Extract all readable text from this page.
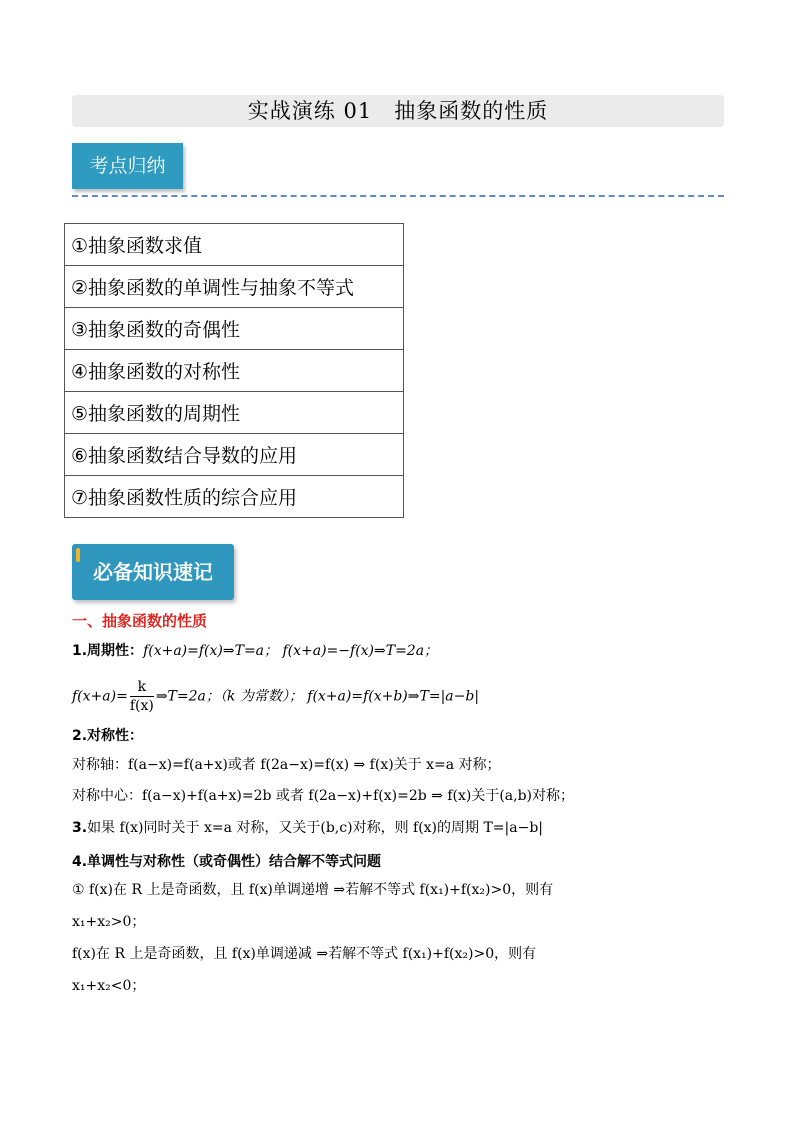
实战演练 01　抽象函数的性质
考点归纳
①抽象函数求值
②抽象函数的单调性与抽象不等式
③抽象函数的奇偶性
④抽象函数的对称性
⑤抽象函数的周期性
⑥抽象函数结合导数的应用
⑦抽象函数性质的综合应用
必备知识速记
一、抽象函数的性质
1.周期性：f(x+a)=f(x)⇒T=a； f(x+a)=−f(x)⇒T=2a；
$f(x+a)= \frac{k}{f(x)}$ ⇒T=2a；（k 为常数）； f(x+a)=f(x+b)⇒T=|a−b|
2.对称性：
对称轴：f(a−x)=f(a+x)或者 f(2a−x)=f(x) ⇒ f(x)关于 x=a 对称；
对称中心：f(a−x)+f(a+x)=2b 或者 f(2a−x)+f(x)=2b ⇒ f(x)关于(a,b)对称；
3.如果 f(x)同时关于 x=a 对称，又关于(b,c)对称，则 f(x)的周期 T=|a−b|
4.单调性与对称性（或奇偶性）结合解不等式问题
① f(x)在 R 上是奇函数，且 f(x)单调递增 ⇒若解不等式 f(x₁)+f(x₂)>0，则有
x₁+x₂>0；
f(x)在 R 上是奇函数，且 f(x)单调递减 ⇒若解不等式 f(x₁)+f(x₂)>0，则有
x₁+x₂<0；
